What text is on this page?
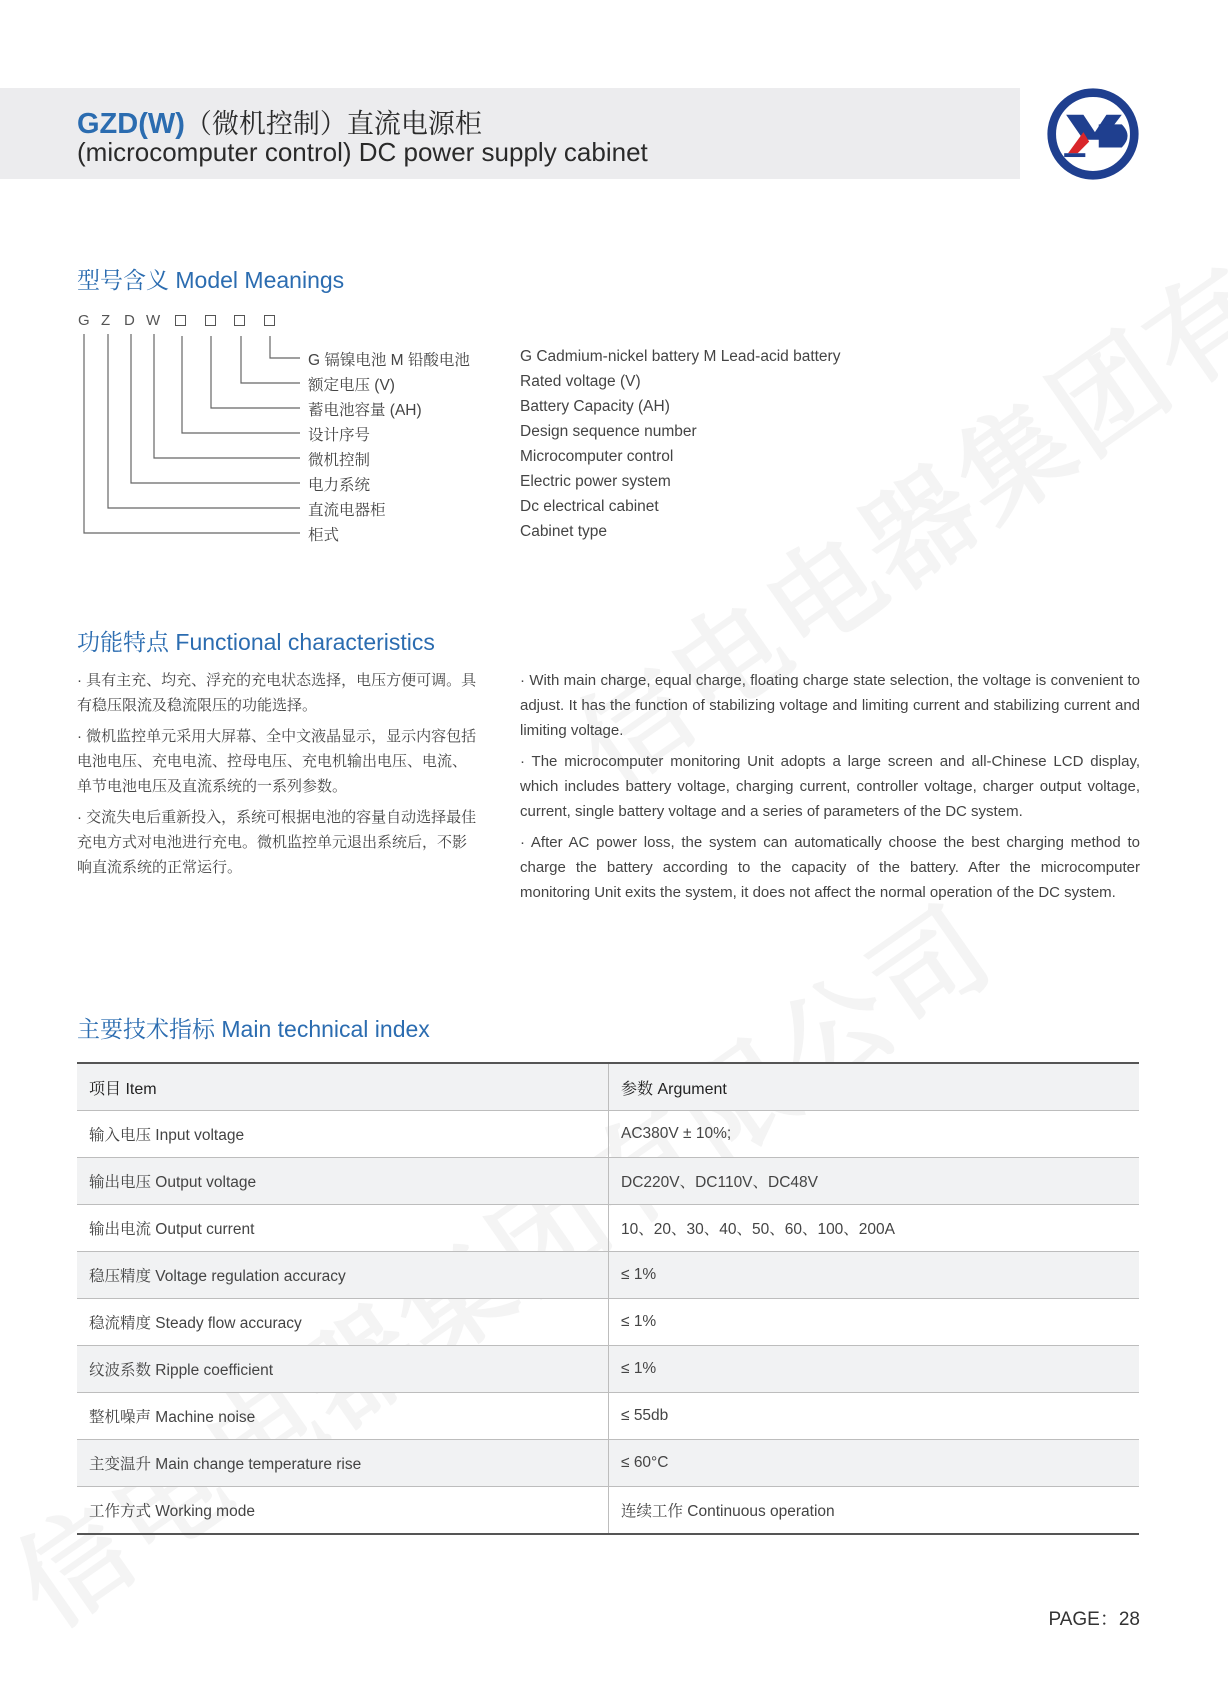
GZD(W)（微机控制）直流电源柜
(microcomputer control) DC power supply cabinet
型号含义 Model Meanings
G Z D W
G 镉镍电池 M 铅酸电池
额定电压 (V)
蓄电池容量 (AH)
设计序号
微机控制
电力系统
直流电器柜
柜式
G Cadmium-nickel battery M Lead-acid battery
Rated voltage (V)
Battery Capacity (AH)
Design sequence number
Microcomputer control
Electric power system
Dc electrical cabinet
Cabinet type
功能特点 Functional characteristics

· 具有主充、均充、浮充的充电状态选择，电压方便可调。具有稳压限流及稳流限压的功能选择。

· 微机监控单元采用大屏幕、全中文液晶显示，显示内容包括电池电压、充电电流、控母电压、充电机输出电压、电流、单节电池电压及直流系统的一系列参数。

· 交流失电后重新投入，系统可根据电池的容量自动选择最佳充电方式对电池进行充电。微机监控单元退出系统后，不影响直流系统的正常运行。

· With main charge, equal charge, floating charge state selection, the voltage is convenient to adjust. It has the function of stabilizing voltage and limiting current and stabilizing current and limiting voltage.

· The microcomputer monitoring Unit adopts a large screen and all-Chinese LCD display, which includes battery voltage, charging current, controller voltage, charger output voltage, current, single battery voltage and a series of parameters of the DC system.

· After AC power loss, the system can automatically choose the best charging method to charge the battery according to the capacity of the battery. After the microcomputer monitoring Unit exits the system, it does not affect the normal operation of the DC system.

主要技术指标 Main technical index
项目 Item	参数 Argument
输入电压 Input voltage	AC380V ± 10%;
输出电压 Output voltage	DC220V、DC110V、DC48V
输出电流 Output current	10、20、30、40、50、60、100、200A
稳压精度 Voltage regulation accuracy	≤ 1%
稳流精度 Steady flow accuracy	≤ 1%
纹波系数 Ripple coefficient	≤ 1%
整机噪声 Machine noise	≤ 55db
主变温升 Main change temperature rise	≤ 60°C
工作方式 Working mode	连续工作 Continuous operation
PAGE：28
